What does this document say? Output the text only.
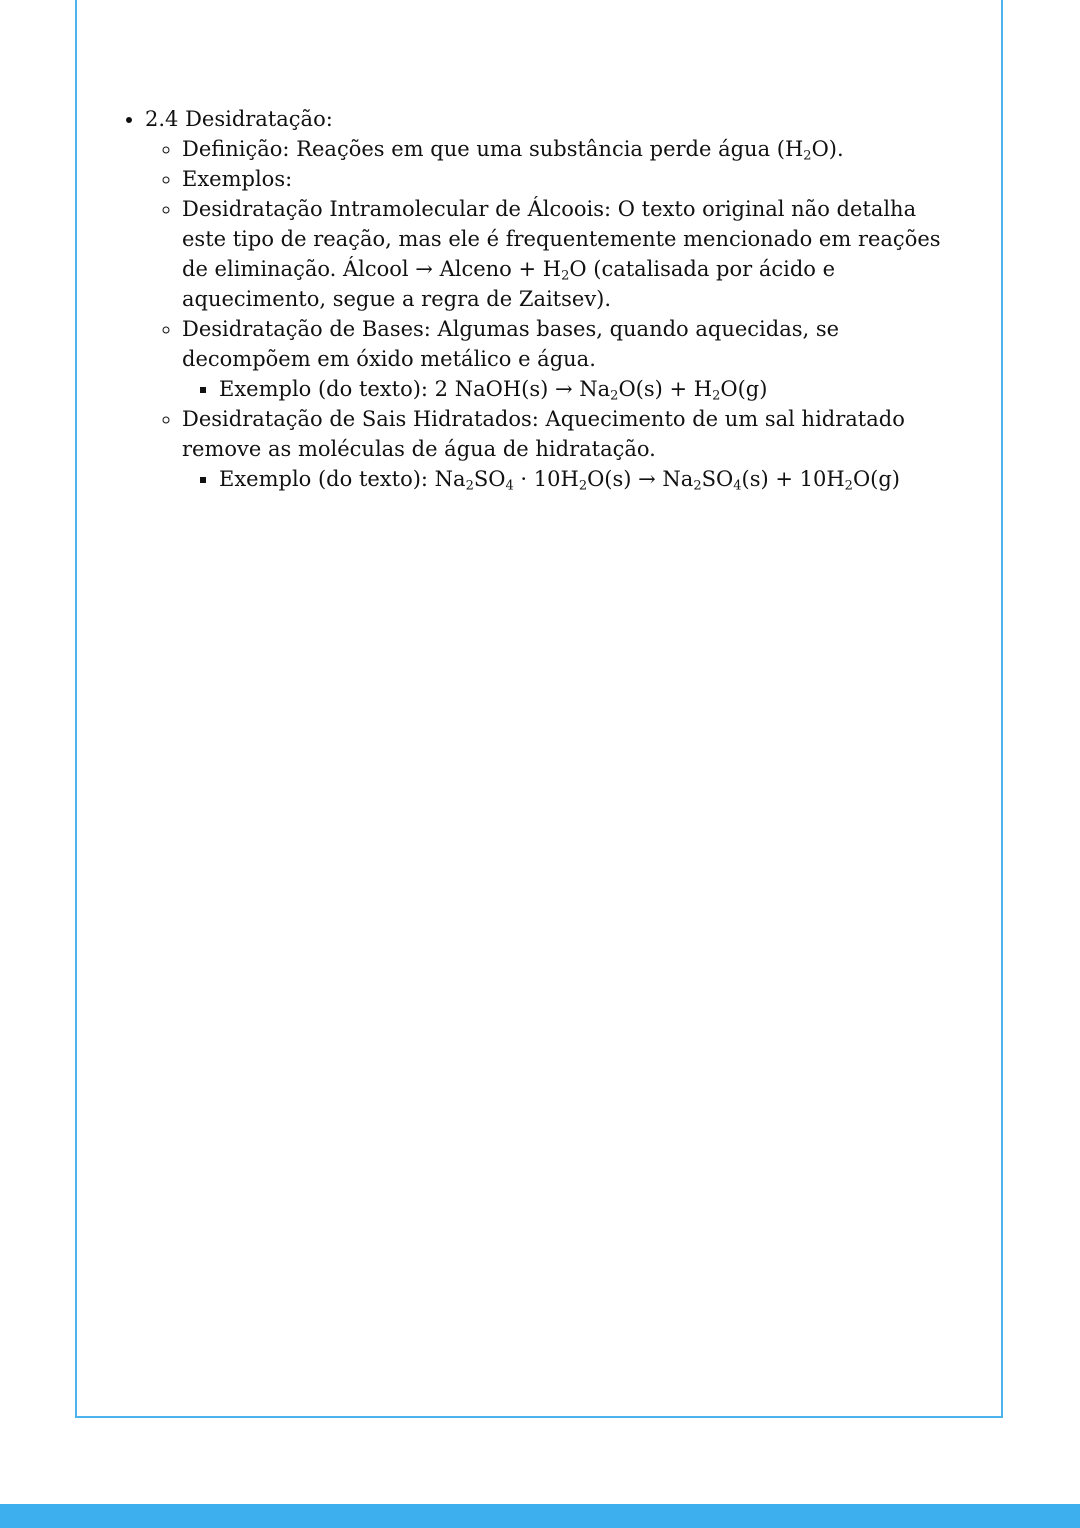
• 2.4 Desidratação:
◦ Definição: Reações em que uma substância perde água $(H_2O)$.
◦ Exemplos:
◦ Desidratação Intramolecular de Álcoois: O texto original não detalha este tipo de reação, mas ele é frequentemente mencionado em reações de eliminação. Álcool → Alceno + $H_2O$ (catalisada por ácido e aquecimento, segue a regra de Zaitsev).
◦ Desidratação de Bases: Algumas bases, quando aquecidas, se decompõem em óxido metálico e água.
▪ Exemplo (do texto): 2 NaOH(s) → $Na_2O(s) + H_2O(g)$
◦ Desidratação de Sais Hidratados: Aquecimento de um sal hidratado remove as moléculas de água de hidratação.
▪ Exemplo (do texto): $Na_2SO_4 \cdot 10H_2O(s) \to Na_2SO_4(s) + 10H_2O(g)$
